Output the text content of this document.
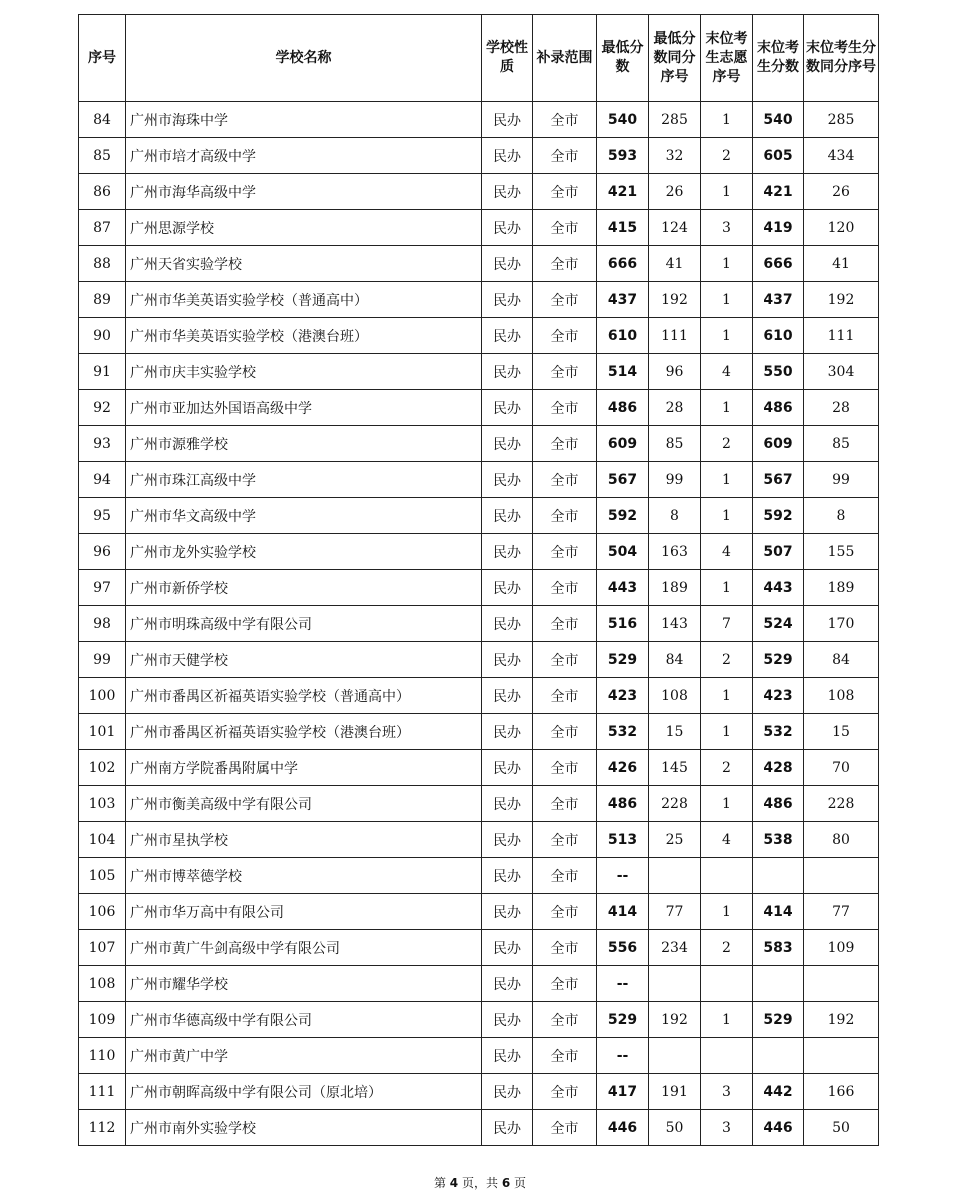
序号	学校名称	学校性质	补录范围	最低分数	最低分数同分序号	末位考生志愿序号	末位考生分数	末位考生分数同分序号
84	广州市海珠中学	民办	全市	540	285	1	540	285
85	广州市培才高级中学	民办	全市	593	32	2	605	434
86	广州市海华高级中学	民办	全市	421	26	1	421	26
87	广州思源学校	民办	全市	415	124	3	419	120
88	广州天省实验学校	民办	全市	666	41	1	666	41
89	广州市华美英语实验学校（普通高中）	民办	全市	437	192	1	437	192
90	广州市华美英语实验学校（港澳台班）	民办	全市	610	111	1	610	111
91	广州市庆丰实验学校	民办	全市	514	96	4	550	304
92	广州市亚加达外国语高级中学	民办	全市	486	28	1	486	28
93	广州市源雅学校	民办	全市	609	85	2	609	85
94	广州市珠江高级中学	民办	全市	567	99	1	567	99
95	广州市华文高级中学	民办	全市	592	8	1	592	8
96	广州市龙外实验学校	民办	全市	504	163	4	507	155
97	广州市新侨学校	民办	全市	443	189	1	443	189
98	广州市明珠高级中学有限公司	民办	全市	516	143	7	524	170
99	广州市天健学校	民办	全市	529	84	2	529	84
100	广州市番禺区祈福英语实验学校（普通高中）	民办	全市	423	108	1	423	108
101	广州市番禺区祈福英语实验学校（港澳台班）	民办	全市	532	15	1	532	15
102	广州南方学院番禺附属中学	民办	全市	426	145	2	428	70
103	广州市衡美高级中学有限公司	民办	全市	486	228	1	486	228
104	广州市星执学校	民办	全市	513	25	4	538	80
105	广州市博萃德学校	民办	全市	--				
106	广州市华万高中有限公司	民办	全市	414	77	1	414	77
107	广州市黄广牛剑高级中学有限公司	民办	全市	556	234	2	583	109
108	广州市耀华学校	民办	全市	--				
109	广州市华德高级中学有限公司	民办	全市	529	192	1	529	192
110	广州市黄广中学	民办	全市	--				
111	广州市朝晖高级中学有限公司（原北培）	民办	全市	417	191	3	442	166
112	广州市南外实验学校	民办	全市	446	50	3	446	50
第 4 页，共 6 页
